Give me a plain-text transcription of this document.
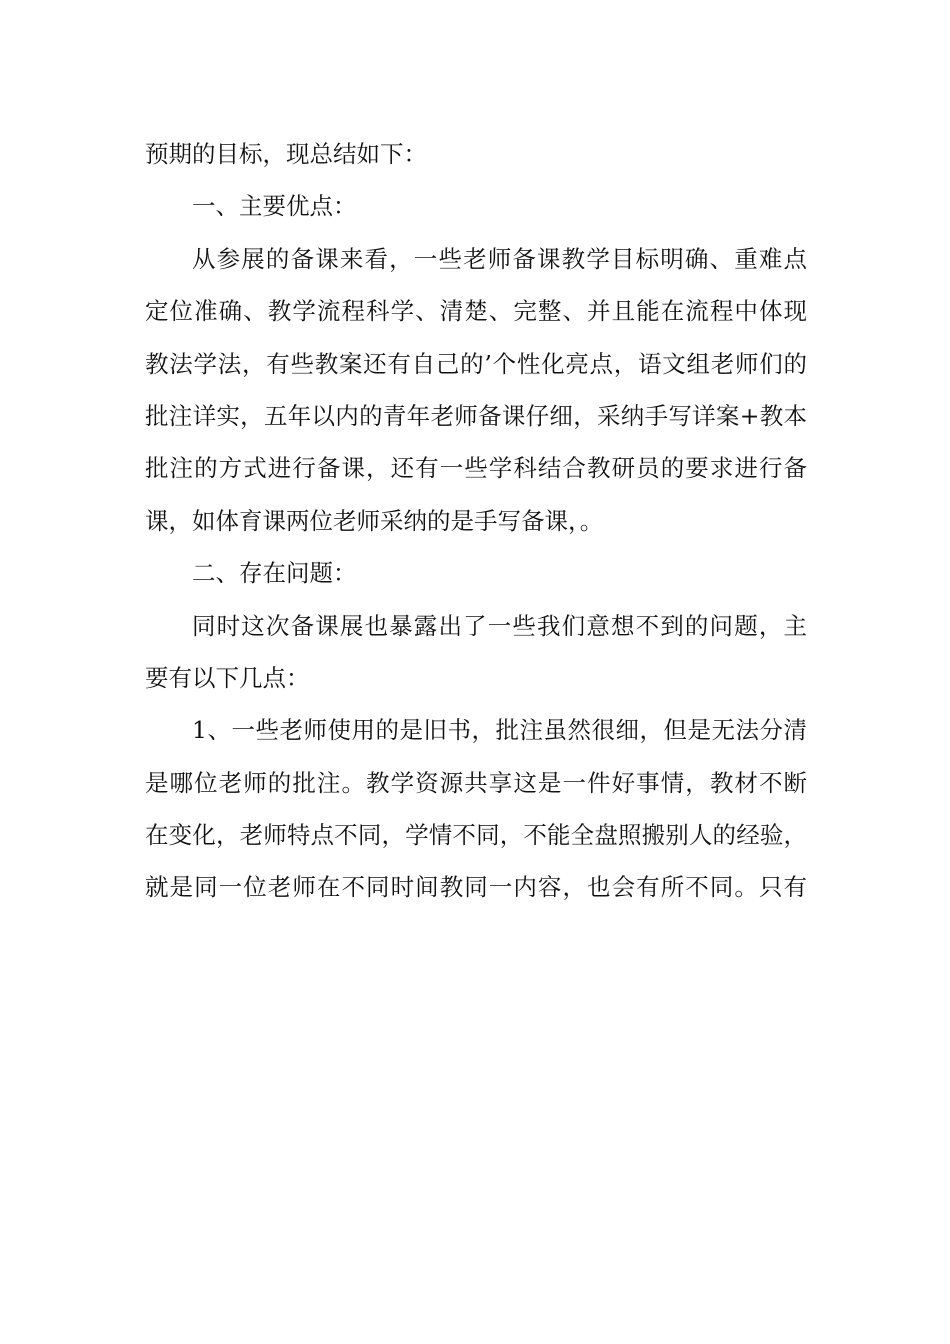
预期的目标，现总结如下：
一、主要优点：
从参展的备课来看，一些老师备课教学目标明确、重难点
定位准确、教学流程科学、清楚、完整、并且能在流程中体现
教法学法，有些教案还有自己的’个性化亮点，语文组老师们的
批注详实，五年以内的青年老师备课仔细，采纳手写详案+教本
批注的方式进行备课，还有一些学科结合教研员的要求进行备
课，如体育课两位老师采纳的是手写备课，。
二、存在问题：
同时这次备课展也暴露出了一些我们意想不到的问题，主
要有以下几点：
1、一些老师使用的是旧书，批注虽然很细，但是无法分清
是哪位老师的批注。教学资源共享这是一件好事情，教材不断
在变化，老师特点不同，学情不同，不能全盘照搬别人的经验，
就是同一位老师在不同时间教同一内容，也会有所不同。只有
